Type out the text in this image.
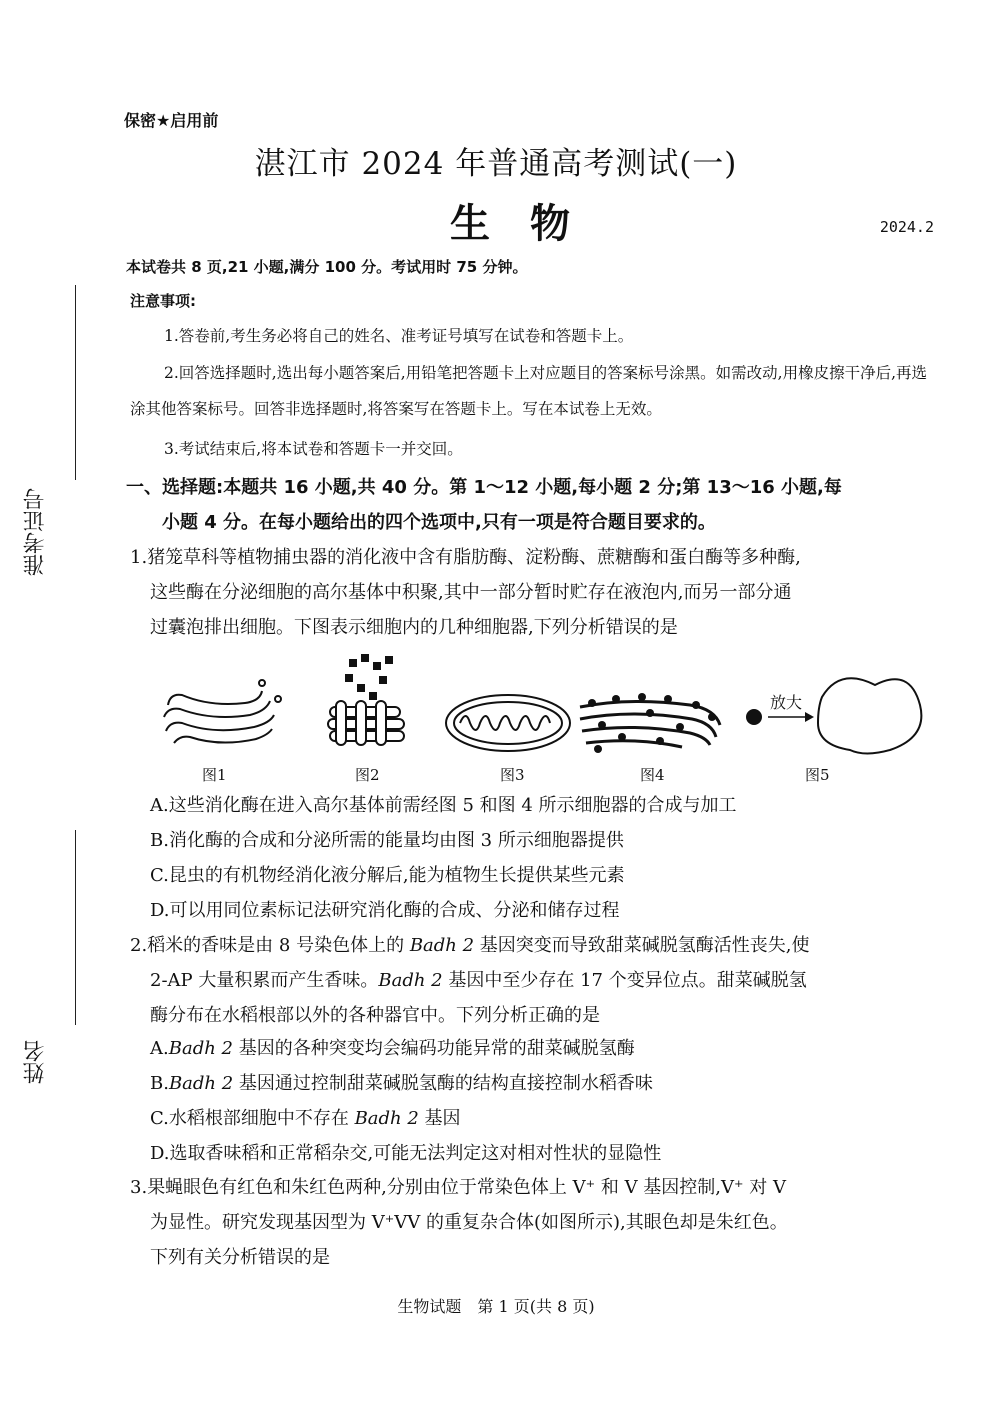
保密★启用前
湛江市 2024 年普通高考测试(一)
生物	2024.2
本试卷共 8 页,21 小题,满分 100 分。考试用时 75 分钟。
准考证号
姓名
注意事项:
1.答卷前,考生务必将自己的姓名、准考证号填写在试卷和答题卡上。
2.回答选择题时,选出每小题答案后,用铅笔把答题卡上对应题目的答案标号涂黑。如需改动,用橡皮擦干净后,再选涂其他答案标号。回答非选择题时,将答案写在答题卡上。写在本试卷上无效。
3.考试结束后,将本试卷和答题卡一并交回。
一、选择题:本题共 16 小题,共 40 分。第 1～12 小题,每小题 2 分;第 13～16 小题,每
小题 4 分。在每小题给出的四个选项中,只有一项是符合题目要求的。
1.猪笼草科等植物捕虫器的消化液中含有脂肪酶、淀粉酶、蔗糖酶和蛋白酶等多种酶,
这些酶在分泌细胞的高尔基体中积聚,其中一部分暂时贮存在液泡内,而另一部分通
过囊泡排出细胞。下图表示细胞内的几种细胞器,下列分析错误的是
放大
图1	图2	图3	图4	图5
A.这些消化酶在进入高尔基体前需经图 5 和图 4 所示细胞器的合成与加工
B.消化酶的合成和分泌所需的能量均由图 3 所示细胞器提供
C.昆虫的有机物经消化液分解后,能为植物生长提供某些元素
D.可以用同位素标记法研究消化酶的合成、分泌和储存过程
2.稻米的香味是由 8 号染色体上的 Badh 2 基因突变而导致甜菜碱脱氢酶活性丧失,使
2-AP 大量积累而产生香味。Badh 2 基因中至少存在 17 个变异位点。甜菜碱脱氢
酶分布在水稻根部以外的各种器官中。下列分析正确的是
A.Badh 2 基因的各种突变均会编码功能异常的甜菜碱脱氢酶
B.Badh 2 基因通过控制甜菜碱脱氢酶的结构直接控制水稻香味
C.水稻根部细胞中不存在 Badh 2 基因
D.选取香味稻和正常稻杂交,可能无法判定这对相对性状的显隐性
3.果蝇眼色有红色和朱红色两种,分别由位于常染色体上 V⁺ 和 V 基因控制,V⁺ 对 V
为显性。研究发现基因型为 V⁺VV 的重复杂合体(如图所示),其眼色却是朱红色。
下列有关分析错误的是
生物试题　第 1 页(共 8 页)
